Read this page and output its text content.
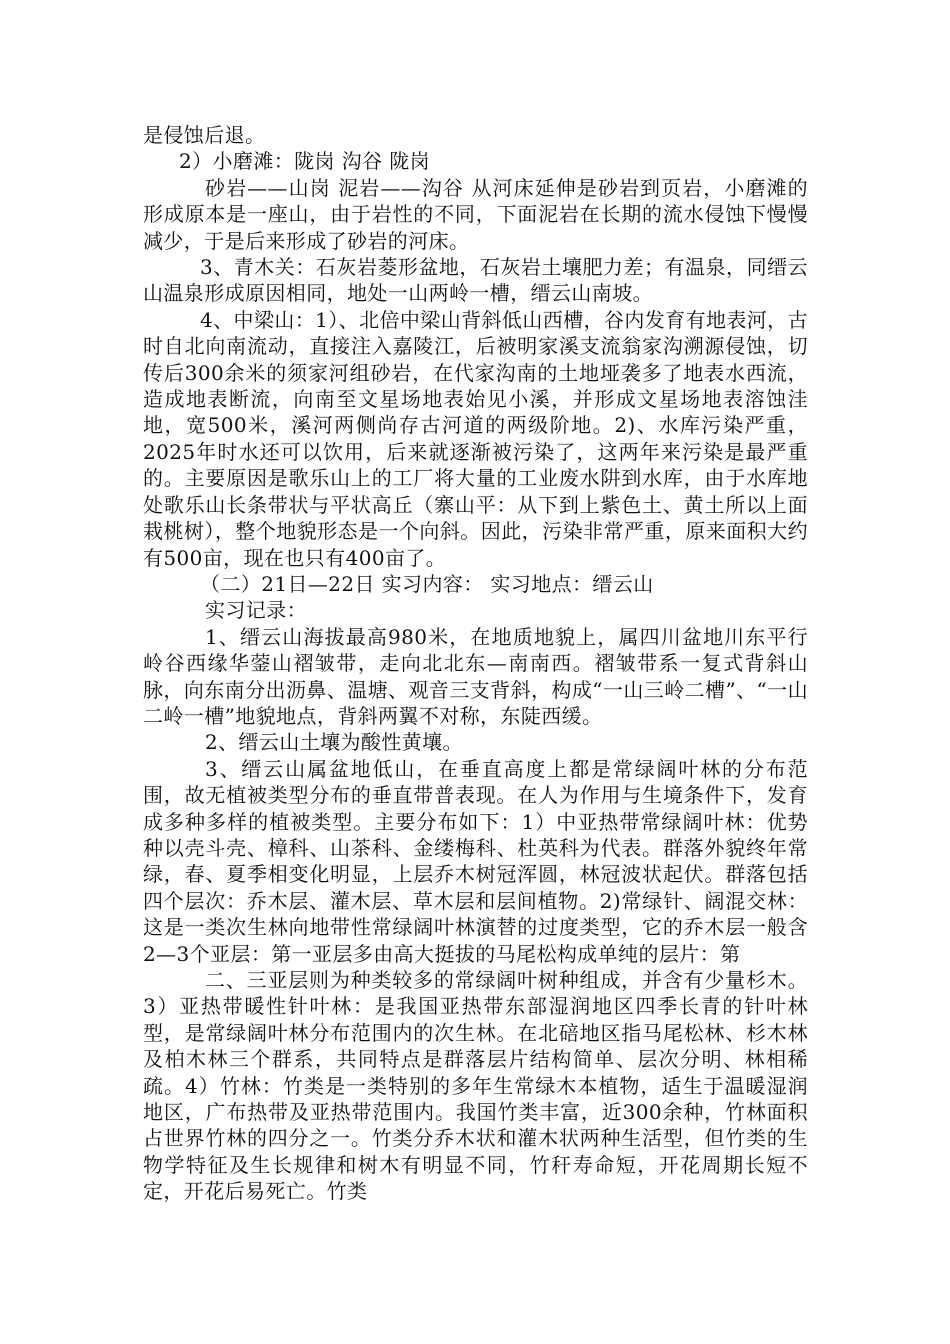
是侵蚀后退。

2）小磨滩：陇岗 沟谷 陇岗

砂岩——山岗 泥岩——沟谷 从河床延伸是砂岩到页岩，小磨滩的形成原本是一座山，由于岩性的不同，下面泥岩在长期的流水侵蚀下慢慢减少，于是后来形成了砂岩的河床。

3、青木关：石灰岩菱形盆地，石灰岩土壤肥力差；有温泉，同缙云山温泉形成原因相同，地处一山两岭一槽，缙云山南坡。

4、中梁山：1）、北倍中梁山背斜低山西槽，谷内发育有地表河，古时自北向南流动，直接注入嘉陵江，后被明家溪支流翁家沟溯源侵蚀，切传后300余米的须家河组砂岩，在代家沟南的土地垭袭多了地表水西流，造成地表断流，向南至文星场地表始见小溪，并形成文星场地表溶蚀洼地，宽500米，溪河两侧尚存古河道的两级阶地。2)、水库污染严重，2025年时水还可以饮用，后来就逐渐被污染了，这两年来污染是最严重的。主要原因是歌乐山上的工厂将大量的工业废水阱到水库，由于水库地处歌乐山长条带状与平状高丘（寨山平：从下到上紫色土、黄土所以上面栽桃树），整个地貌形态是一个向斜。因此，污染非常严重，原来面积大约有500亩，现在也只有400亩了。

（二）21日—22日 实习内容： 实习地点：缙云山

实习记录：

1、缙云山海拔最高980米，在地质地貌上，属四川盆地川东平行岭谷西缘华蓥山褶皱带，走向北北东—南南西。褶皱带系一复式背斜山脉，向东南分出沥鼻、温塘、观音三支背斜，构成“一山三岭二槽”、“一山二岭一槽”地貌地点，背斜两翼不对称，东陡西缓。

2、缙云山土壤为酸性黄壤。

3、缙云山属盆地低山，在垂直高度上都是常绿阔叶林的分布范围，故无植被类型分布的垂直带普表现。在人为作用与生境条件下，发育成多种多样的植被类型。主要分布如下：1）中亚热带常绿阔叶林：优势种以壳斗壳、樟科、山茶科、金缕梅科、杜英科为代表。群落外貌终年常绿，春、夏季相变化明显，上层乔木树冠浑圆，林冠波状起伏。群落包括四个层次：乔木层、灌木层、草木层和层间植物。2)常绿针、阔混交林：这是一类次生林向地带性常绿阔叶林演替的过度类型，它的乔木层一般含2—3个亚层：第一亚层多由高大挺拔的马尾松构成单纯的层片：第

二、三亚层则为种类较多的常绿阔叶树种组成，并含有少量杉木。3）亚热带暖性针叶林：是我国亚热带东部湿润地区四季长青的针叶林型，是常绿阔叶林分布范围内的次生林。在北碚地区指马尾松林、杉木林及柏木林三个群系，共同特点是群落层片结构简单、层次分明、林相稀疏。4）竹林：竹类是一类特别的多年生常绿木本植物，适生于温暖湿润地区，广布热带及亚热带范围内。我国竹类丰富，近300余种，竹林面积占世界竹林的四分之一。竹类分乔木状和灌木状两种生活型，但竹类的生物学特征及生长规律和树木有明显不同，竹秆寿命短，开花周期长短不定，开花后易死亡。竹类
